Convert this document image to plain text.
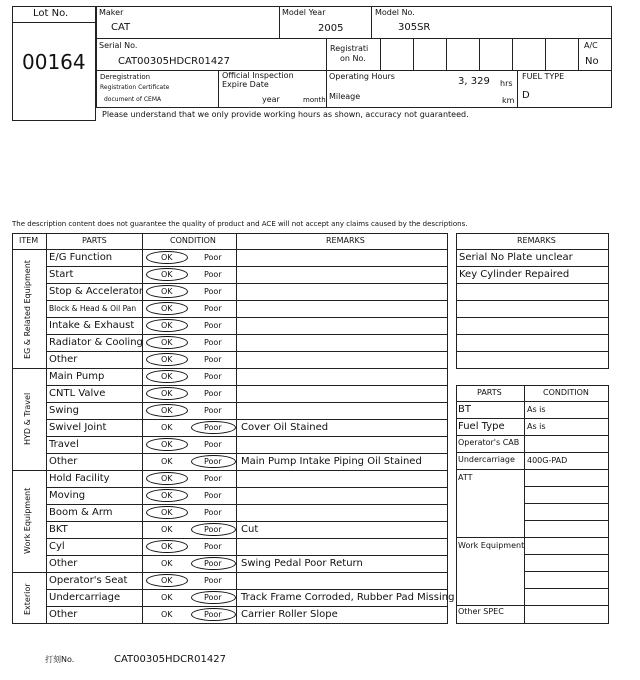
Lot No.
00164
Maker
CAT
Model Year
2005
Model No.
305SR
Serial No.
CAT00305HDCR01427
Registrati
on No.
A/C
No
Deregistration
Registration Certificate
document of CEMA
Official Inspection
Expire Date
year	month
Operating Hours	3, 329 hrs
Mileage	km
FUEL TYPE
D
Please understand that we only provide working hours as shown, accuracy not guaranteed.
The description content does not guarantee the quality of product and ACE will not accept any claims caused by the descriptions.
ITEM	PARTS	CONDITION	REMARKS
EG & Related Equipment
HYD & Travel
Work Equipment
Exterior
E/G Function	OK	Poor
Start	OK	Poor
Stop & Accelerator OK	Poor
Block & Head & Oil Pan	OK	Poor
Intake & Exhaust	OK	Poor
Radiator & Cooling OK	Poor
Other	OK	Poor
Main Pump	OK	Poor
CNTL Valve	OK	Poor
Swing	OK	Poor
Swivel Joint	OK	Poor Cover Oil Stained
Travel	OK	Poor
Other	OK	Poor Main Pump Intake Piping Oil Stained
Hold Facility	OK	Poor
Moving	OK	Poor
Boom & Arm	OK	Poor
BKT	OK	Poor Cut
Cyl	OK	Poor
Other	OK	Poor Swing Pedal Poor Return
Operator's Seat	OK	Poor
Undercarriage	OK	Poor Track Frame Corroded, Rubber Pad Missing
Other	OK	Poor Carrier Roller Slope
REMARKS
Serial No Plate unclear
Key Cylinder Repaired
PARTS	CONDITION
BT	As is
Fuel Type	As is
Operator's CAB
Undercarriage 400G-PAD
ATT
Work Equipment
Other SPEC
打刻No.	CAT00305HDCR01427
